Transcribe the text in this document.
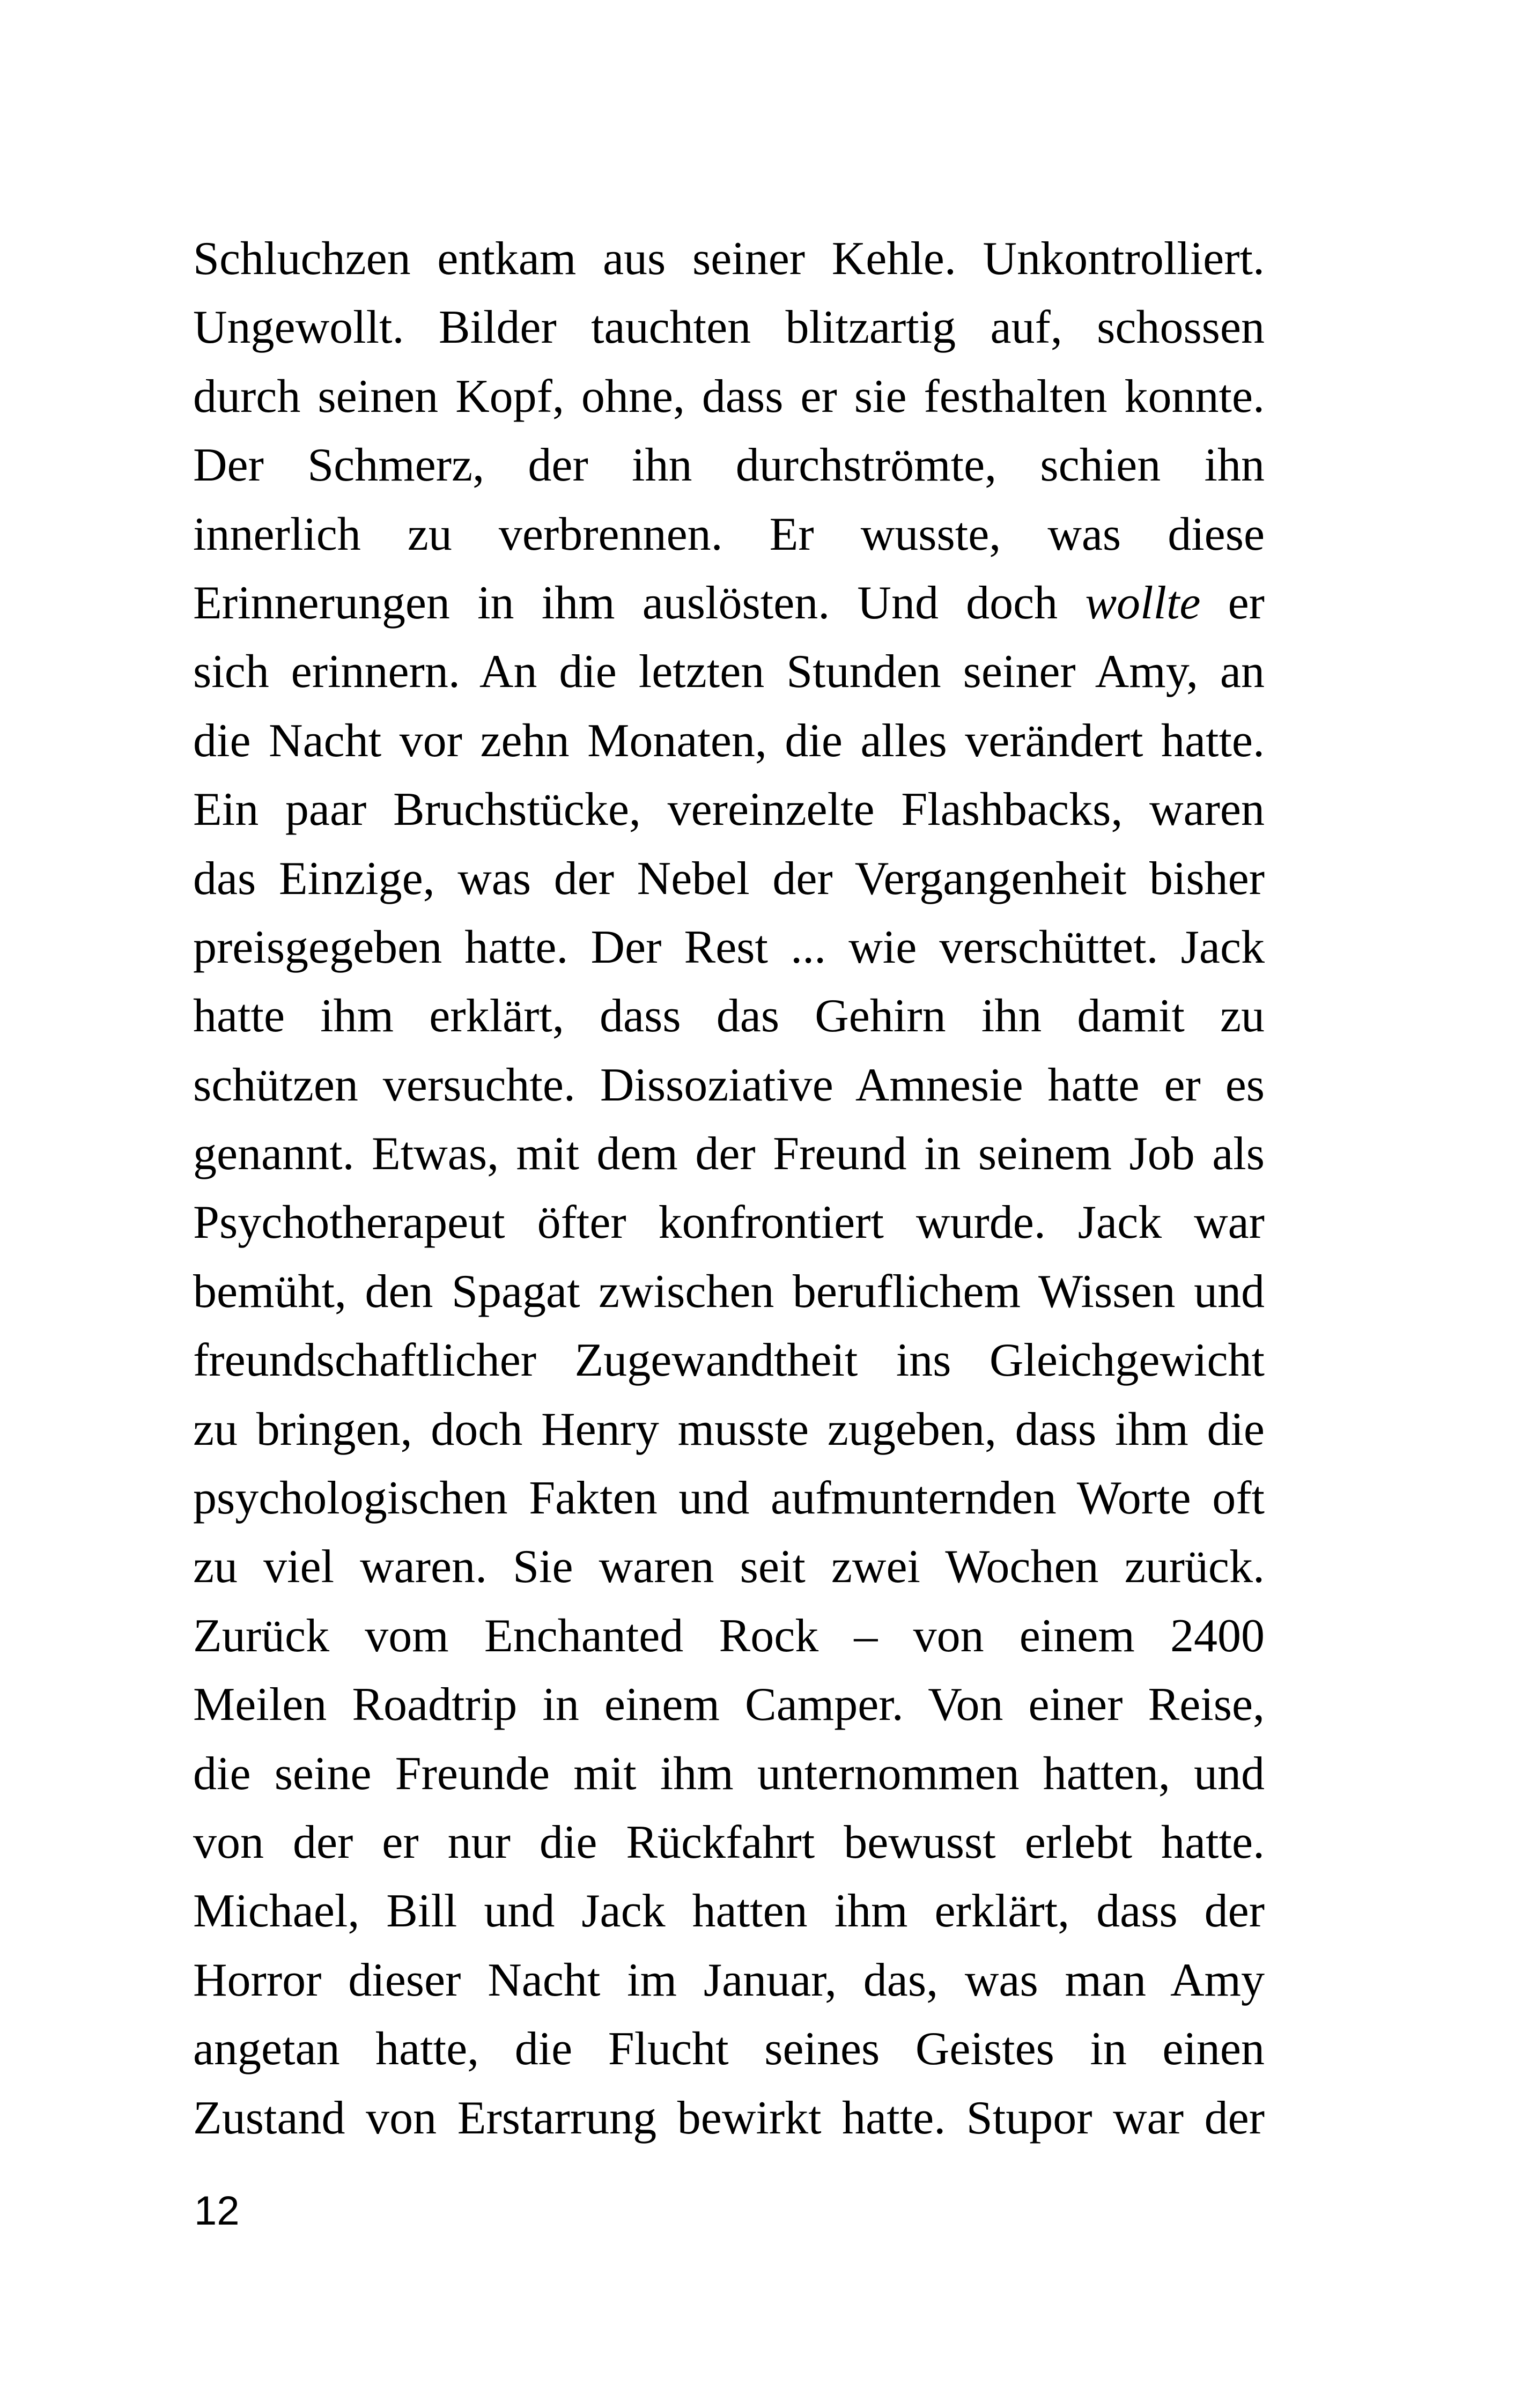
Schluchzen entkam aus seiner Kehle. Unkontrolliert.
Ungewollt. Bilder tauchten blitzartig auf, schossen
durch seinen Kopf, ohne, dass er sie festhalten konnte.
Der Schmerz, der ihn durchströmte, schien ihn
innerlich zu verbrennen. Er wusste, was diese
Erinnerungen in ihm auslösten. Und doch wollte er
sich erinnern. An die letzten Stunden seiner Amy, an
die Nacht vor zehn Monaten, die alles verändert hatte.
Ein paar Bruchstücke, vereinzelte Flashbacks, waren
das Einzige, was der Nebel der Vergangenheit bisher
preisgegeben hatte. Der Rest ... wie verschüttet. Jack
hatte ihm erklärt, dass das Gehirn ihn damit zu
schützen versuchte. Dissoziative Amnesie hatte er es
genannt. Etwas, mit dem der Freund in seinem Job als
Psychotherapeut öfter konfrontiert wurde. Jack war
bemüht, den Spagat zwischen beruflichem Wissen und
freundschaftlicher Zugewandtheit ins Gleichgewicht
zu bringen, doch Henry musste zugeben, dass ihm die
psychologischen Fakten und aufmunternden Worte oft
zu viel waren. Sie waren seit zwei Wochen zurück.
Zurück vom Enchanted Rock – von einem 2400
Meilen Roadtrip in einem Camper. Von einer Reise,
die seine Freunde mit ihm unternommen hatten, und
von der er nur die Rückfahrt bewusst erlebt hatte.
Michael, Bill und Jack hatten ihm erklärt, dass der
Horror dieser Nacht im Januar, das, was man Amy
angetan hatte, die Flucht seines Geistes in einen
Zustand von Erstarrung bewirkt hatte. Stupor war der
12
